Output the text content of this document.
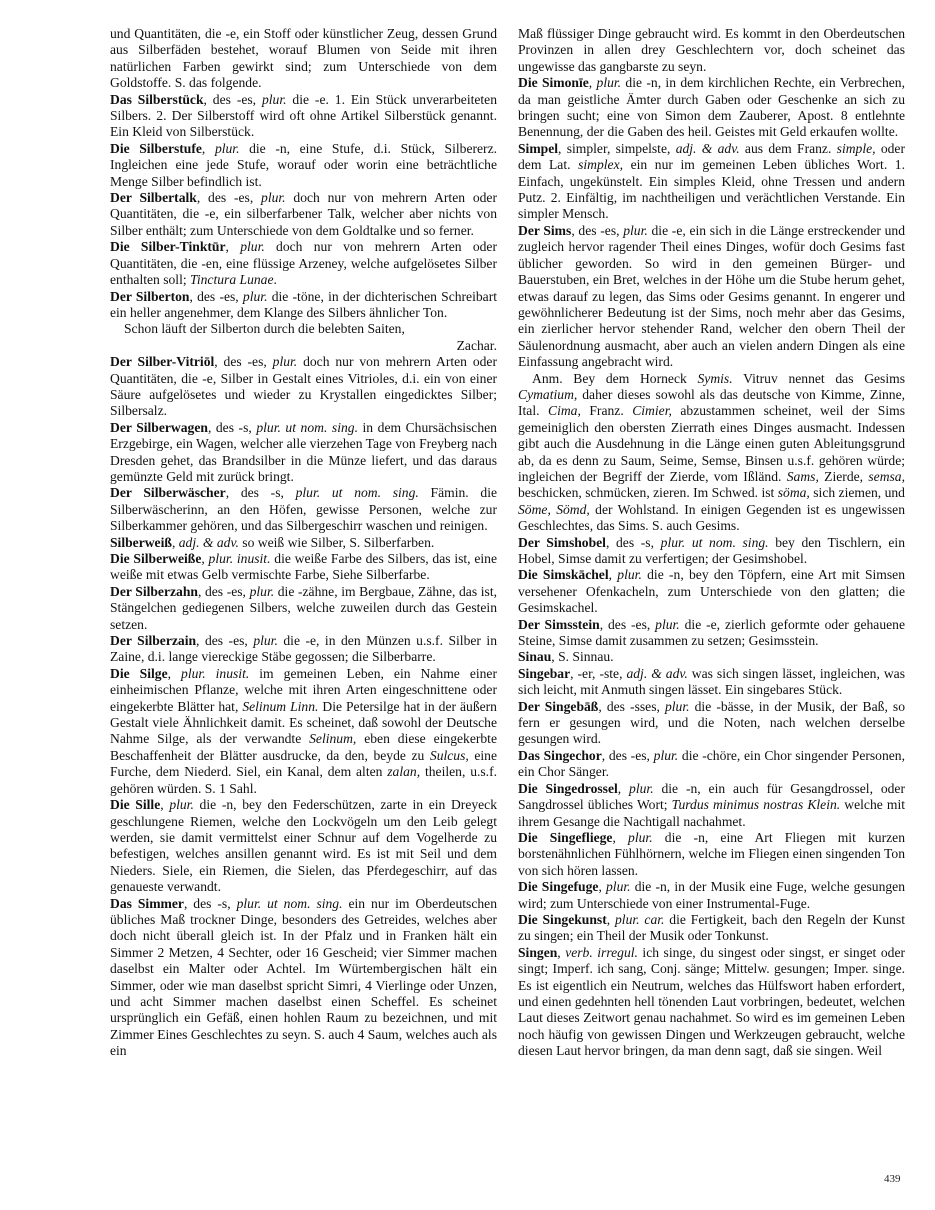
und Quantitäten, die -e, ein Stoff oder künstlicher Zeug, dessen Grund aus Silberfäden bestehet, worauf Blumen von Seide mit ihren natürlichen Farben gewirkt sind; zum Unterschiede von dem Goldstoffe. S. das folgende.

Das Silberstück, des -es, plur. die -e. 1. Ein Stück unverarbeiteten Silbers. 2. Der Silberstoff wird oft ohne Artikel Silberstück genannt. Ein Kleid von Silberstück.

Die Silberstufe, plur. die -n, eine Stufe, d.i. Stück, Silbererz. Ingleichen eine jede Stufe, worauf oder worin eine beträchtliche Menge Silber befindlich ist.

Der Silbertalk, des -es, plur. doch nur von mehrern Arten oder Quantitäten, die -e, ein silberfarbener Talk, welcher aber nichts von Silber enthält; zum Unterschiede von dem Goldtalke und so ferner.

Die Silber-Tinktūr, plur. doch nur von mehrern Arten oder Quantitäten, die -en, eine flüssige Arzeney, welche aufgelösetes Silber enthalten soll; Tinctura Lunae.

Der Silberton, des -es, plur. die -töne, in der dichterischen Schreibart ein heller angenehmer, dem Klange des Silbers ähnlicher Ton.

Schon läuft der Silberton durch die belebten Saiten,

Zachar.

Der Silber-Vitriōl, des -es, plur. doch nur von mehrern Arten oder Quantitäten, die -e, Silber in Gestalt eines Vitrioles, d.i. ein von einer Säure aufgelösetes und wieder zu Krystallen eingedicktes Silber; Silbersalz.

Der Silberwagen, des -s, plur. ut nom. sing. in dem Chursächsischen Erzgebirge, ein Wagen, welcher alle vierzehen Tage von Freyberg nach Dresden gehet, das Brandsilber in die Münze liefert, und das daraus gemünzte Geld mit zurück bringt.

Der Silberwäscher, des -s, plur. ut nom. sing. Fämin. die Silberwäscherinn, an den Höfen, gewisse Personen, welche zur Silberkammer gehören, und das Silbergeschirr waschen und reinigen.

Silberweiß, adj. & adv. so weiß wie Silber, S. Silberfarben.

Die Silberweiße, plur. inusit. die weiße Farbe des Silbers, das ist, eine weiße mit etwas Gelb vermischte Farbe, Siehe Silberfarbe.

Der Silberzahn, des -es, plur. die -zähne, im Bergbaue, Zähne, das ist, Stängelchen gediegenen Silbers, welche zuweilen durch das Gestein setzen.

Der Silberzain, des -es, plur. die -e, in den Münzen u.s.f. Silber in Zaine, d.i. lange viereckige Stäbe gegossen; die Silberbarre.

Die Silge, plur. inusit. im gemeinen Leben, ein Nahme einer einheimischen Pflanze, welche mit ihren Arten eingeschnittene oder eingekerbte Blätter hat, Selinum Linn. Die Petersilge hat in der äußern Gestalt viele Ähnlichkeit damit. Es scheinet, daß sowohl der Deutsche Nahme Silge, als der verwandte Selinum, eben diese eingekerbte Beschaffenheit der Blätter ausdrucke, da den, beyde zu Sulcus, eine Furche, dem Niederd. Siel, ein Kanal, dem alten zalan, theilen, u.s.f. gehören würden. S. 1 Sahl.

Die Sille, plur. die -n, bey den Federschützen, zarte in ein Dreyeck geschlungene Riemen, welche den Lockvögeln um den Leib gelegt werden, sie damit vermittelst einer Schnur auf dem Vogelherde zu befestigen, welches ansillen genannt wird. Es ist mit Seil und dem Nieders. Siele, ein Riemen, die Sielen, das Pferdegeschirr, auf das genaueste verwandt.

Das Simmer, des -s, plur. ut nom. sing. ein nur im Oberdeutschen übliches Maß trockner Dinge, besonders des Getreides, welches aber doch nicht überall gleich ist. In der Pfalz und in Franken hält ein Simmer 2 Metzen, 4 Sechter, oder 16 Gescheid; vier Simmer machen daselbst ein Malter oder Achtel. Im Würtembergischen hält ein Simmer, oder wie man daselbst spricht Simri, 4 Vierlinge oder Unzen, und acht Simmer machen daselbst einen Scheffel. Es scheinet ursprünglich ein Gefäß, einen hohlen Raum zu bezeichnen, und mit Zimmer Eines Geschlechtes zu seyn. S. auch 4 Saum, welches auch als ein

Maß flüssiger Dinge gebraucht wird. Es kommt in den Oberdeutschen Provinzen in allen drey Geschlechtern vor, doch scheinet das ungewisse das gangbarste zu seyn.

Die Simonīe, plur. die -n, in dem kirchlichen Rechte, ein Verbrechen, da man geistliche Ämter durch Gaben oder Geschenke an sich zu bringen sucht; eine von Simon dem Zauberer, Apost. 8 entlehnte Benennung, der die Gaben des heil. Geistes mit Geld erkaufen wollte.

Simpel, simpler, simpelste, adj. & adv. aus dem Franz. simple, oder dem Lat. simplex, ein nur im gemeinen Leben übliches Wort. 1. Einfach, ungekünstelt. Ein simples Kleid, ohne Tressen und andern Putz. 2. Einfältig, im nachtheiligen und verächtlichen Verstande. Ein simpler Mensch.

Der Sims, des -es, plur. die -e, ein sich in die Länge erstreckender und zugleich hervor ragender Theil eines Dinges, wofür doch Gesims fast üblicher geworden. So wird in den gemeinen Bürger- und Bauerstuben, ein Bret, welches in der Höhe um die Stube herum gehet, etwas darauf zu legen, das Sims oder Gesims genannt. In engerer und gewöhnlicherer Bedeutung ist der Sims, noch mehr aber das Gesims, ein zierlicher hervor stehender Rand, welcher den obern Theil der Säulenordnung ausmacht, aber auch an vielen andern Dingen als eine Einfassung angebracht wird.

Anm. Bey dem Horneck Symis. Vitruv nennet das Gesims Cymatium, daher dieses sowohl als das deutsche von Kimme, Zinne, Ital. Cima, Franz. Cimier, abzustammen scheinet, weil der Sims gemeiniglich den obersten Zierrath eines Dinges ausmacht. Indessen gibt auch die Ausdehnung in die Länge einen guten Ableitungsgrund ab, da es denn zu Saum, Seime, Semse, Binsen u.s.f. gehören würde; ingleichen der Begriff der Zierde, vom Ißländ. Sams, Zierde, semsa, beschicken, schmücken, zieren. Im Schwed. ist söma, sich ziemen, und Söme, Sömd, der Wohlstand. In einigen Gegenden ist es ungewissen Geschlechtes, das Sims. S. auch Gesims.

Der Simshobel, des -s, plur. ut nom. sing. bey den Tischlern, ein Hobel, Simse damit zu verfertigen; der Gesimshobel.

Die Simskāchel, plur. die -n, bey den Töpfern, eine Art mit Simsen versehener Ofenkacheln, zum Unterschiede von den glatten; die Gesimskachel.

Der Simsstein, des -es, plur. die -e, zierlich geformte oder gehauene Steine, Simse damit zusammen zu setzen; Gesimsstein.

Sinau, S. Sinnau.

Singebar, -er, -ste, adj. & adv. was sich singen lässet, ingleichen, was sich leicht, mit Anmuth singen lässet. Ein singebares Stück.

Der Singebāß, des -sses, plur. die -bässe, in der Musik, der Baß, so fern er gesungen wird, und die Noten, nach welchen derselbe gesungen wird.

Das Singechor, des -es, plur. die -chöre, ein Chor singender Personen, ein Chor Sänger.

Die Singedrossel, plur. die -n, ein auch für Gesangdrossel, oder Sangdrossel übliches Wort; Turdus minimus nostras Klein. welche mit ihrem Gesange die Nachtigall nachahmet.

Die Singefliege, plur. die -n, eine Art Fliegen mit kurzen borstenähnlichen Fühlhörnern, welche im Fliegen einen singenden Ton von sich hören lassen.

Die Singefuge, plur. die -n, in der Musik eine Fuge, welche gesungen wird; zum Unterschiede von einer Instrumental-Fuge.

Die Singekunst, plur. car. die Fertigkeit, bach den Regeln der Kunst zu singen; ein Theil der Musik oder Tonkunst.

Singen, verb. irregul. ich singe, du singest oder singst, er singet oder singt; Imperf. ich sang, Conj. sänge; Mittelw. gesungen; Imper. singe. Es ist eigentlich ein Neutrum, welches das Hülfswort haben erfordert, und einen gedehnten hell tönenden Laut vorbringen, bedeutet, welchen Laut dieses Zeitwort genau nachahmet. So wird es im gemeinen Leben noch häufig von gewissen Dingen und Werkzeugen gebraucht, welche diesen Laut hervor bringen, da man denn sagt, daß sie singen. Weil

439
